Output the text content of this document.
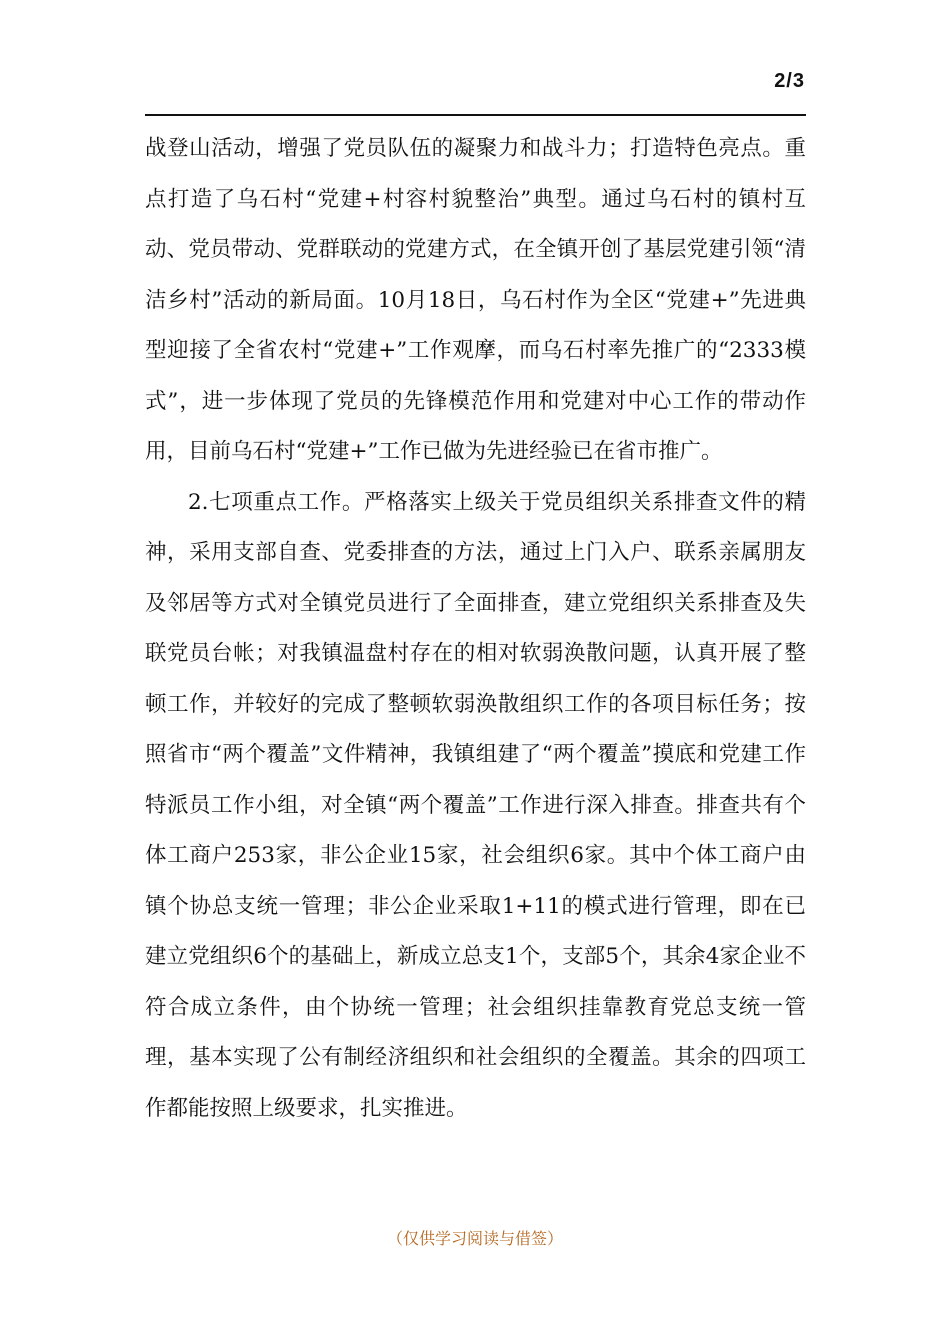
2/3

战登山活动，增强了党员队伍的凝聚力和战斗力；打造特色亮点。重点打造了乌石村“党建+村容村貌整治”典型。通过乌石村的镇村互动、党员带动、党群联动的党建方式，在全镇开创了基层党建引领“清洁乡村”活动的新局面。10月18日，乌石村作为全区“党建+”先进典型迎接了全省农村“党建+”工作观摩，而乌石村率先推广的“2333模式”，进一步体现了党员的先锋模范作用和党建对中心工作的带动作用，目前乌石村“党建+”工作已做为先进经验已在省市推广。

2.七项重点工作。严格落实上级关于党员组织关系排查文件的精神，采用支部自查、党委排查的方法，通过上门入户、联系亲属朋友及邻居等方式对全镇党员进行了全面排查，建立党组织关系排查及失联党员台帐；对我镇温盘村存在的相对软弱涣散问题，认真开展了整顿工作，并较好的完成了整顿软弱涣散组织工作的各项目标任务；按照省市“两个覆盖”文件精神，我镇组建了“两个覆盖”摸底和党建工作特派员工作小组，对全镇“两个覆盖”工作进行深入排查。排查共有个体工商户253家，非公企业15家，社会组织6家。其中个体工商户由镇个协总支统一管理；非公企业采取1+11的模式进行管理，即在已建立党组织6个的基础上，新成立总支1个，支部5个，其余4家企业不符合成立条件，由个协统一管理；社会组织挂靠教育党总支统一管理，基本实现了公有制经济组织和社会组织的全覆盖。其余的四项工作都能按照上级要求，扎实推进。

（仅供学习阅读与借签）
